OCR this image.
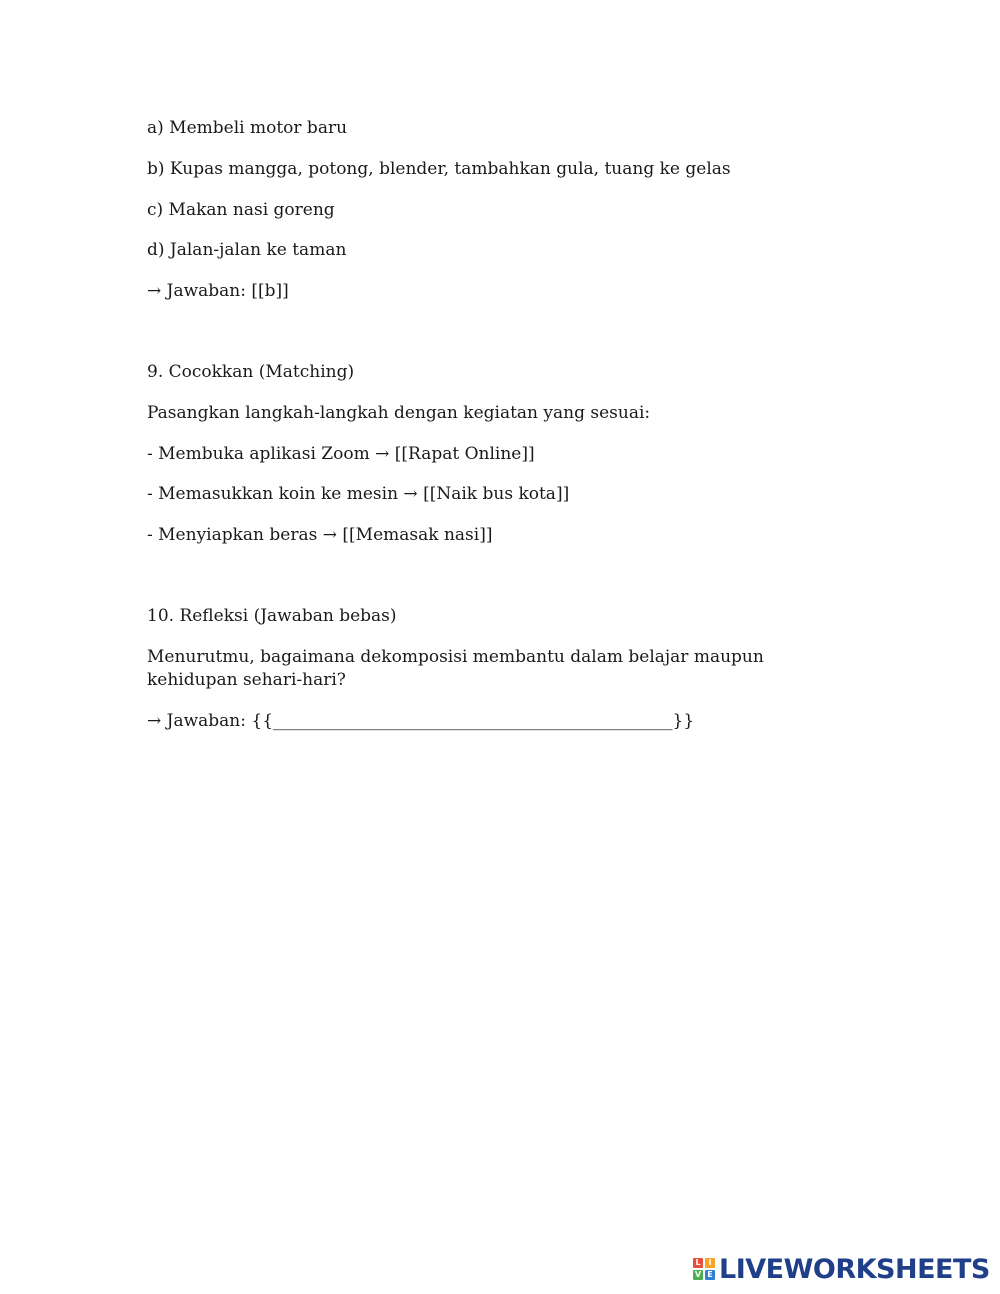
a) Membeli motor baru
b) Kupas mangga, potong, blender, tambahkan gula, tuang ke gelas
c) Makan nasi goreng
d) Jalan-jalan ke taman
→ Jawaban: [[b]]
9. Cocokkan (Matching)
Pasangkan langkah-langkah dengan kegiatan yang sesuai:
- Membuka aplikasi Zoom → [[Rapat Online]]
- Memasukkan koin ke mesin → [[Naik bus kota]]
- Menyiapkan beras → [[Memasak nasi]]
10. Refleksi (Jawaban bebas)
Menurutmu, bagaimana dekomposisi membantu dalam belajar maupun kehidupan sehari-hari?
→ Jawaban: {{_______________________________________________}}
L I
V E LIVEWORKSHEETS
